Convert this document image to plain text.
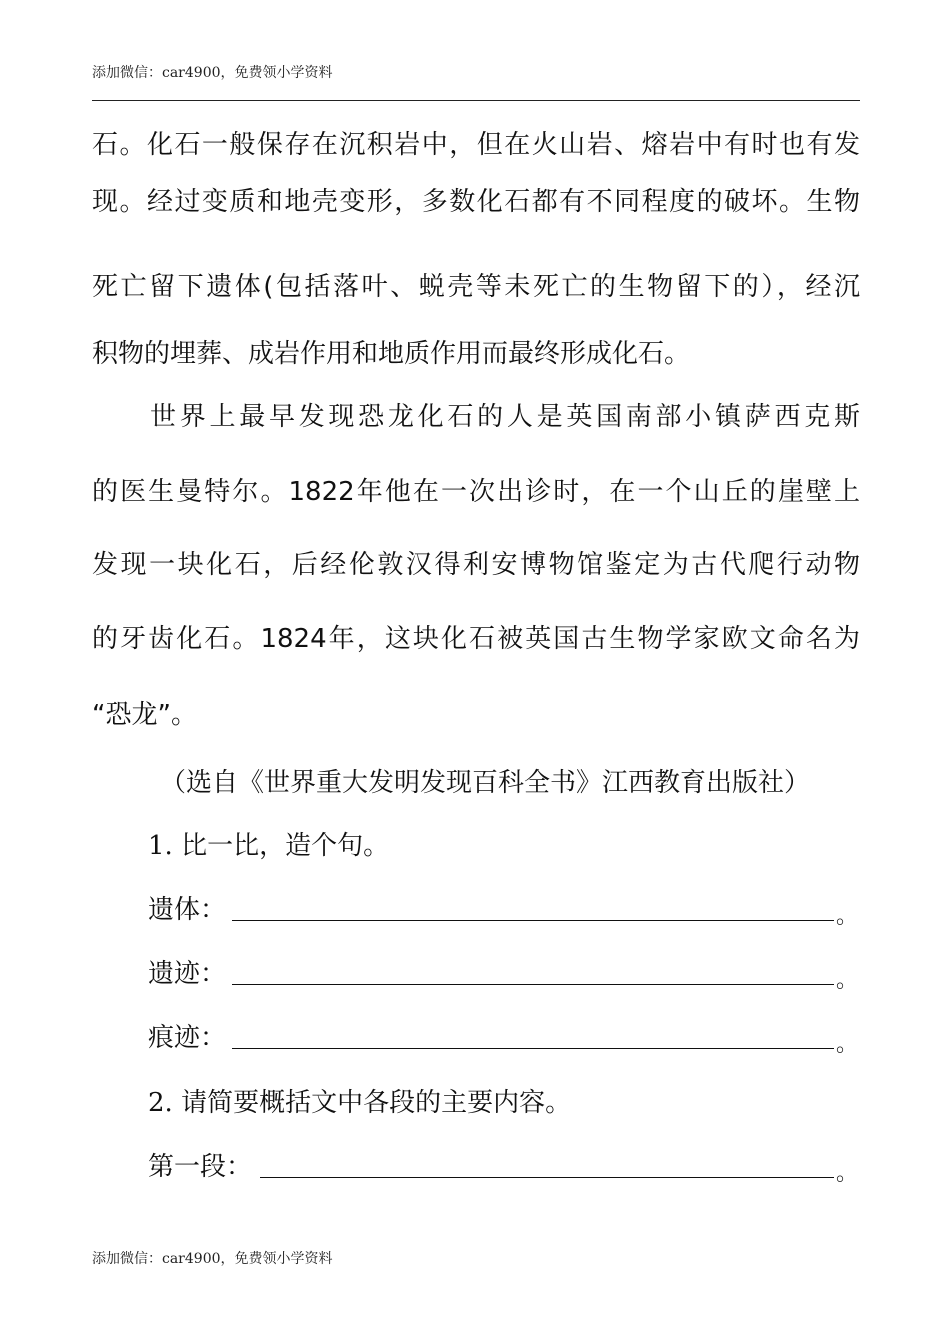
添加微信：car4900，免费领小学资料
石。化石一般保存在沉积岩中，但在火山岩、熔岩中有时也有发
现。经过变质和地壳变形，多数化石都有不同程度的破坏。生物
死亡留下遗体(包括落叶、蜕壳等未死亡的生物留下的），经沉
积物的埋葬、成岩作用和地质作用而最终形成化石。
世界上最早发现恐龙化石的人是英国南部小镇萨西克斯
的医生曼特尔。1822年他在一次出诊时，在一个山丘的崖壁上
发现一块化石，后经伦敦汉得利安博物馆鉴定为古代爬行动物
的牙齿化石。1824年，这块化石被英国古生物学家欧文命名为
“恐龙”。
（选自《世界重大发明发现百科全书》江西教育出版社）
1. 比一比，造个句。
遗体：	。
遗迹：	。
痕迹：	。
2. 请简要概括文中各段的主要内容。
第一段：	。
添加微信：car4900，免费领小学资料
